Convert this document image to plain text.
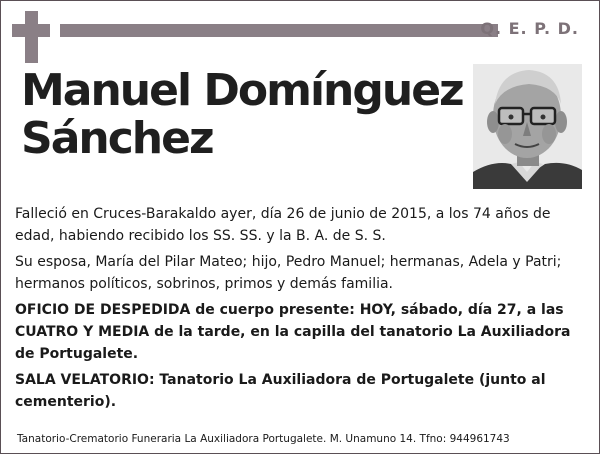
Q. E. P. D.
Manuel Domínguez
Sánchez

Falleció en Cruces-Barakaldo ayer, día 26 de junio de 2015, a los 74 años de edad, habiendo recibido los SS. SS. y la B. A. de S. S.

Su esposa, María del Pilar Mateo; hijo, Pedro Manuel; hermanas, Adela y Patri; hermanos políticos, sobrinos, primos y demás familia.

OFICIO DE DESPEDIDA de cuerpo presente: HOY, sábado, día 27, a las CUATRO Y MEDIA de la tarde, en la capilla del tanatorio La Auxiliadora de Portugalete.

SALA VELATORIO: Tanatorio La Auxiliadora de Portugalete (junto al cementerio).

Tanatorio-Crematorio Funeraria La Auxiliadora Portugalete. M. Unamuno 14. Tfno: 944961743
